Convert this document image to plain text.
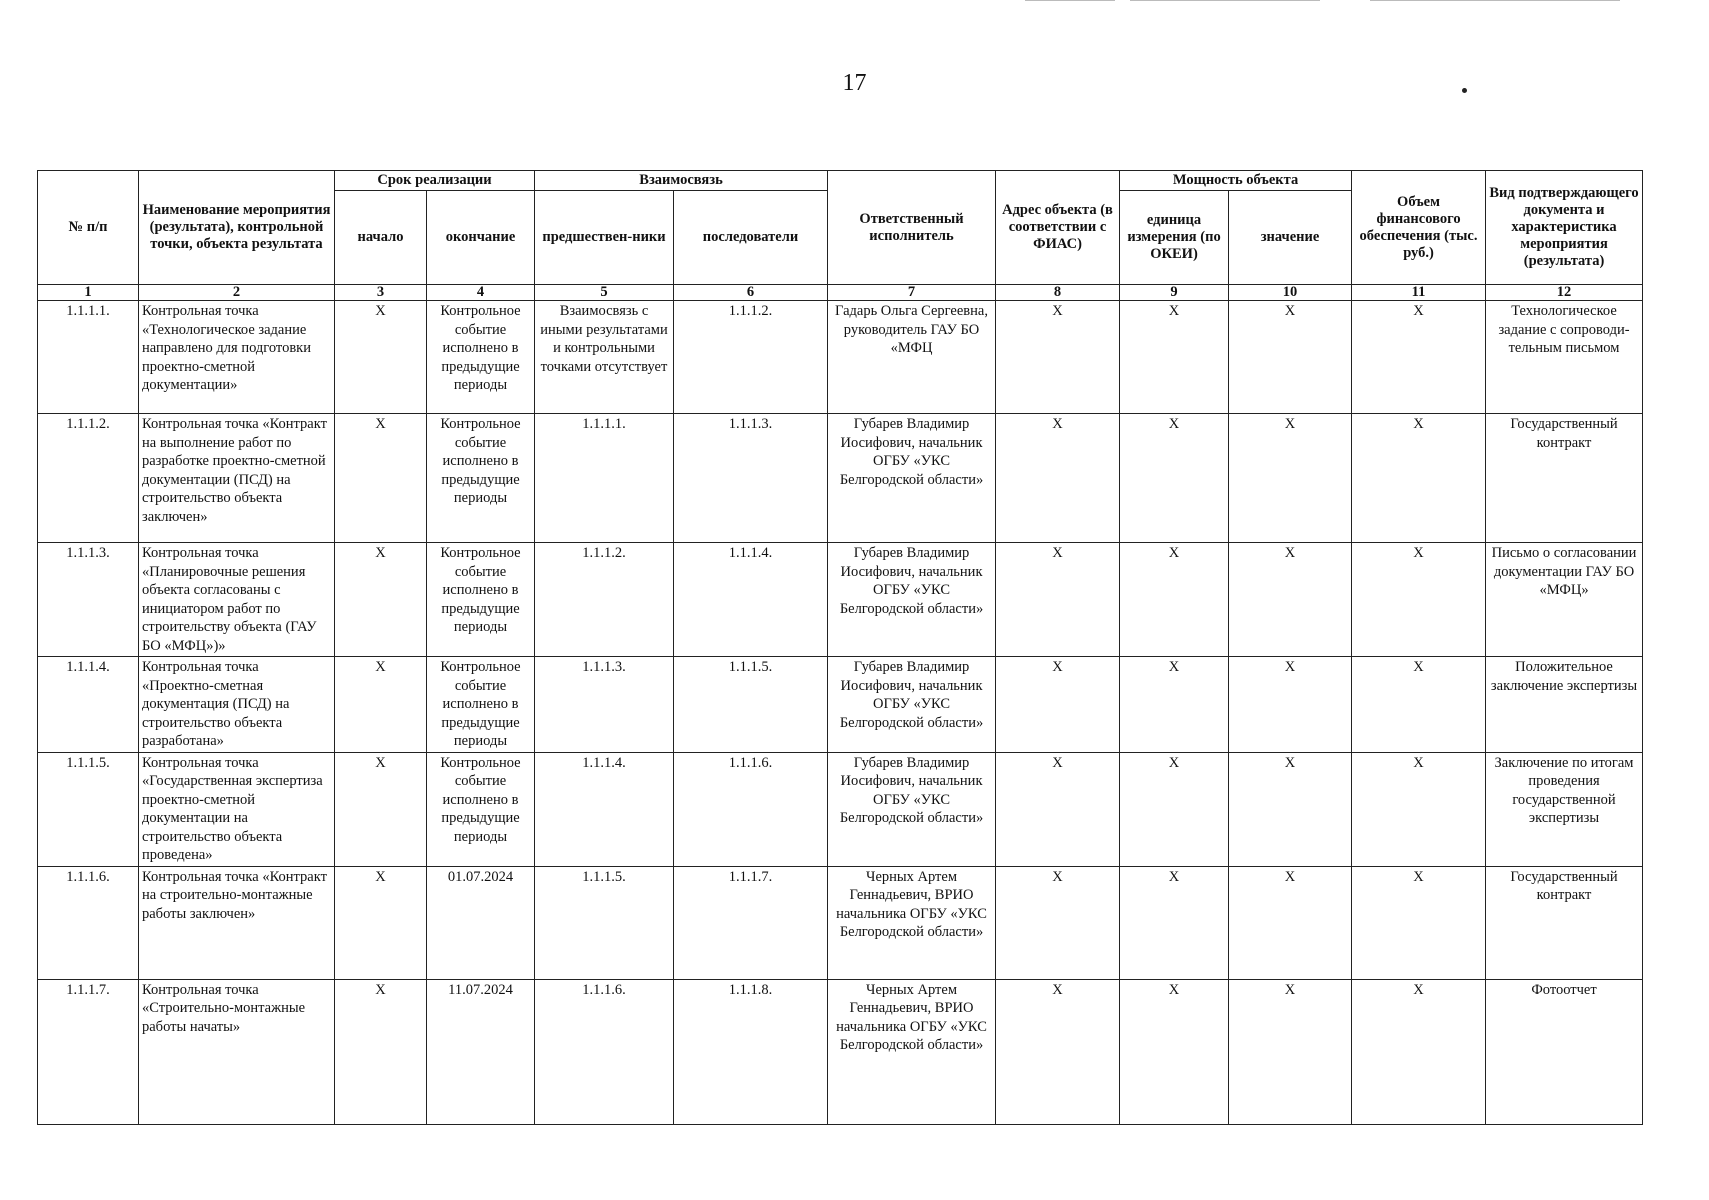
17
№ п/п	Наименование мероприятия (результата), контрольной точки, объекта результата	Срок реализации		Взаимосвязь		Ответственный исполнитель	Адрес объекта (в соответствии с ФИАС)	Мощность объекта		Объем финансового обеспечения (тыс. руб.)	Вид подтверждающего документа и характеристика мероприятия (результата)
		начало	окончание	предшествен-ники	последователи			единица измерения (по ОКЕИ)	значение		
1	2	3	4	5	6	7	8	9	10	11	12
1.1.1.1.	Контрольная точка «Технологическое задание направлено для подготовки проектно-сметной документации»	X	Контрольное событие исполнено в предыдущие периоды	Взаимосвязь с иными результатами и контрольными точками отсутствует	1.1.1.2.	Гадарь Ольга Сергеевна, руководитель ГАУ БО «МФЦ	X	X	X	X	Технологическое задание с сопроводи-тельным письмом
1.1.1.2.	Контрольная точка «Контракт на выполнение работ по разработке проектно-сметной документации (ПСД) на строительство объекта заключен»	X	Контрольное событие исполнено в предыдущие периоды	1.1.1.1.	1.1.1.3.	Губарев Владимир Иосифович, начальник ОГБУ «УКС Белгородской области»	X	X	X	X	Государственный контракт
1.1.1.3.	Контрольная точка «Планировочные решения объекта согласованы с инициатором работ по строительству объекта (ГАУ БО «МФЦ»)»	X	Контрольное событие исполнено в предыдущие периоды	1.1.1.2.	1.1.1.4.	Губарев Владимир Иосифович, начальник ОГБУ «УКС Белгородской области»	X	X	X	X	Письмо о согласовании документации ГАУ БО «МФЦ»
1.1.1.4.	Контрольная точка «Проектно-сметная документация (ПСД) на строительство объекта разработана»	X	Контрольное событие исполнено в предыдущие периоды	1.1.1.3.	1.1.1.5.	Губарев Владимир Иосифович, начальник ОГБУ «УКС Белгородской области»	X	X	X	X	Положительное заключение экспертизы
1.1.1.5.	Контрольная точка «Государственная экспертиза проектно-сметной документации на строительство объекта проведена»	X	Контрольное событие исполнено в предыдущие периоды	1.1.1.4.	1.1.1.6.	Губарев Владимир Иосифович, начальник ОГБУ «УКС Белгородской области»	X	X	X	X	Заключение по итогам проведения государственной экспертизы
1.1.1.6.	Контрольная точка «Контракт на строительно-монтажные работы заключен»	X	01.07.2024	1.1.1.5.	1.1.1.7.	Черных Артем Геннадьевич, ВРИО начальника ОГБУ «УКС Белгородской области»	X	X	X	X	Государственный контракт
1.1.1.7.	Контрольная точка «Строительно-монтажные работы начаты»	X	11.07.2024	1.1.1.6.	1.1.1.8.	Черных Артем Геннадьевич, ВРИО начальника ОГБУ «УКС Белгородской области»	X	X	X	X	Фотоотчет
